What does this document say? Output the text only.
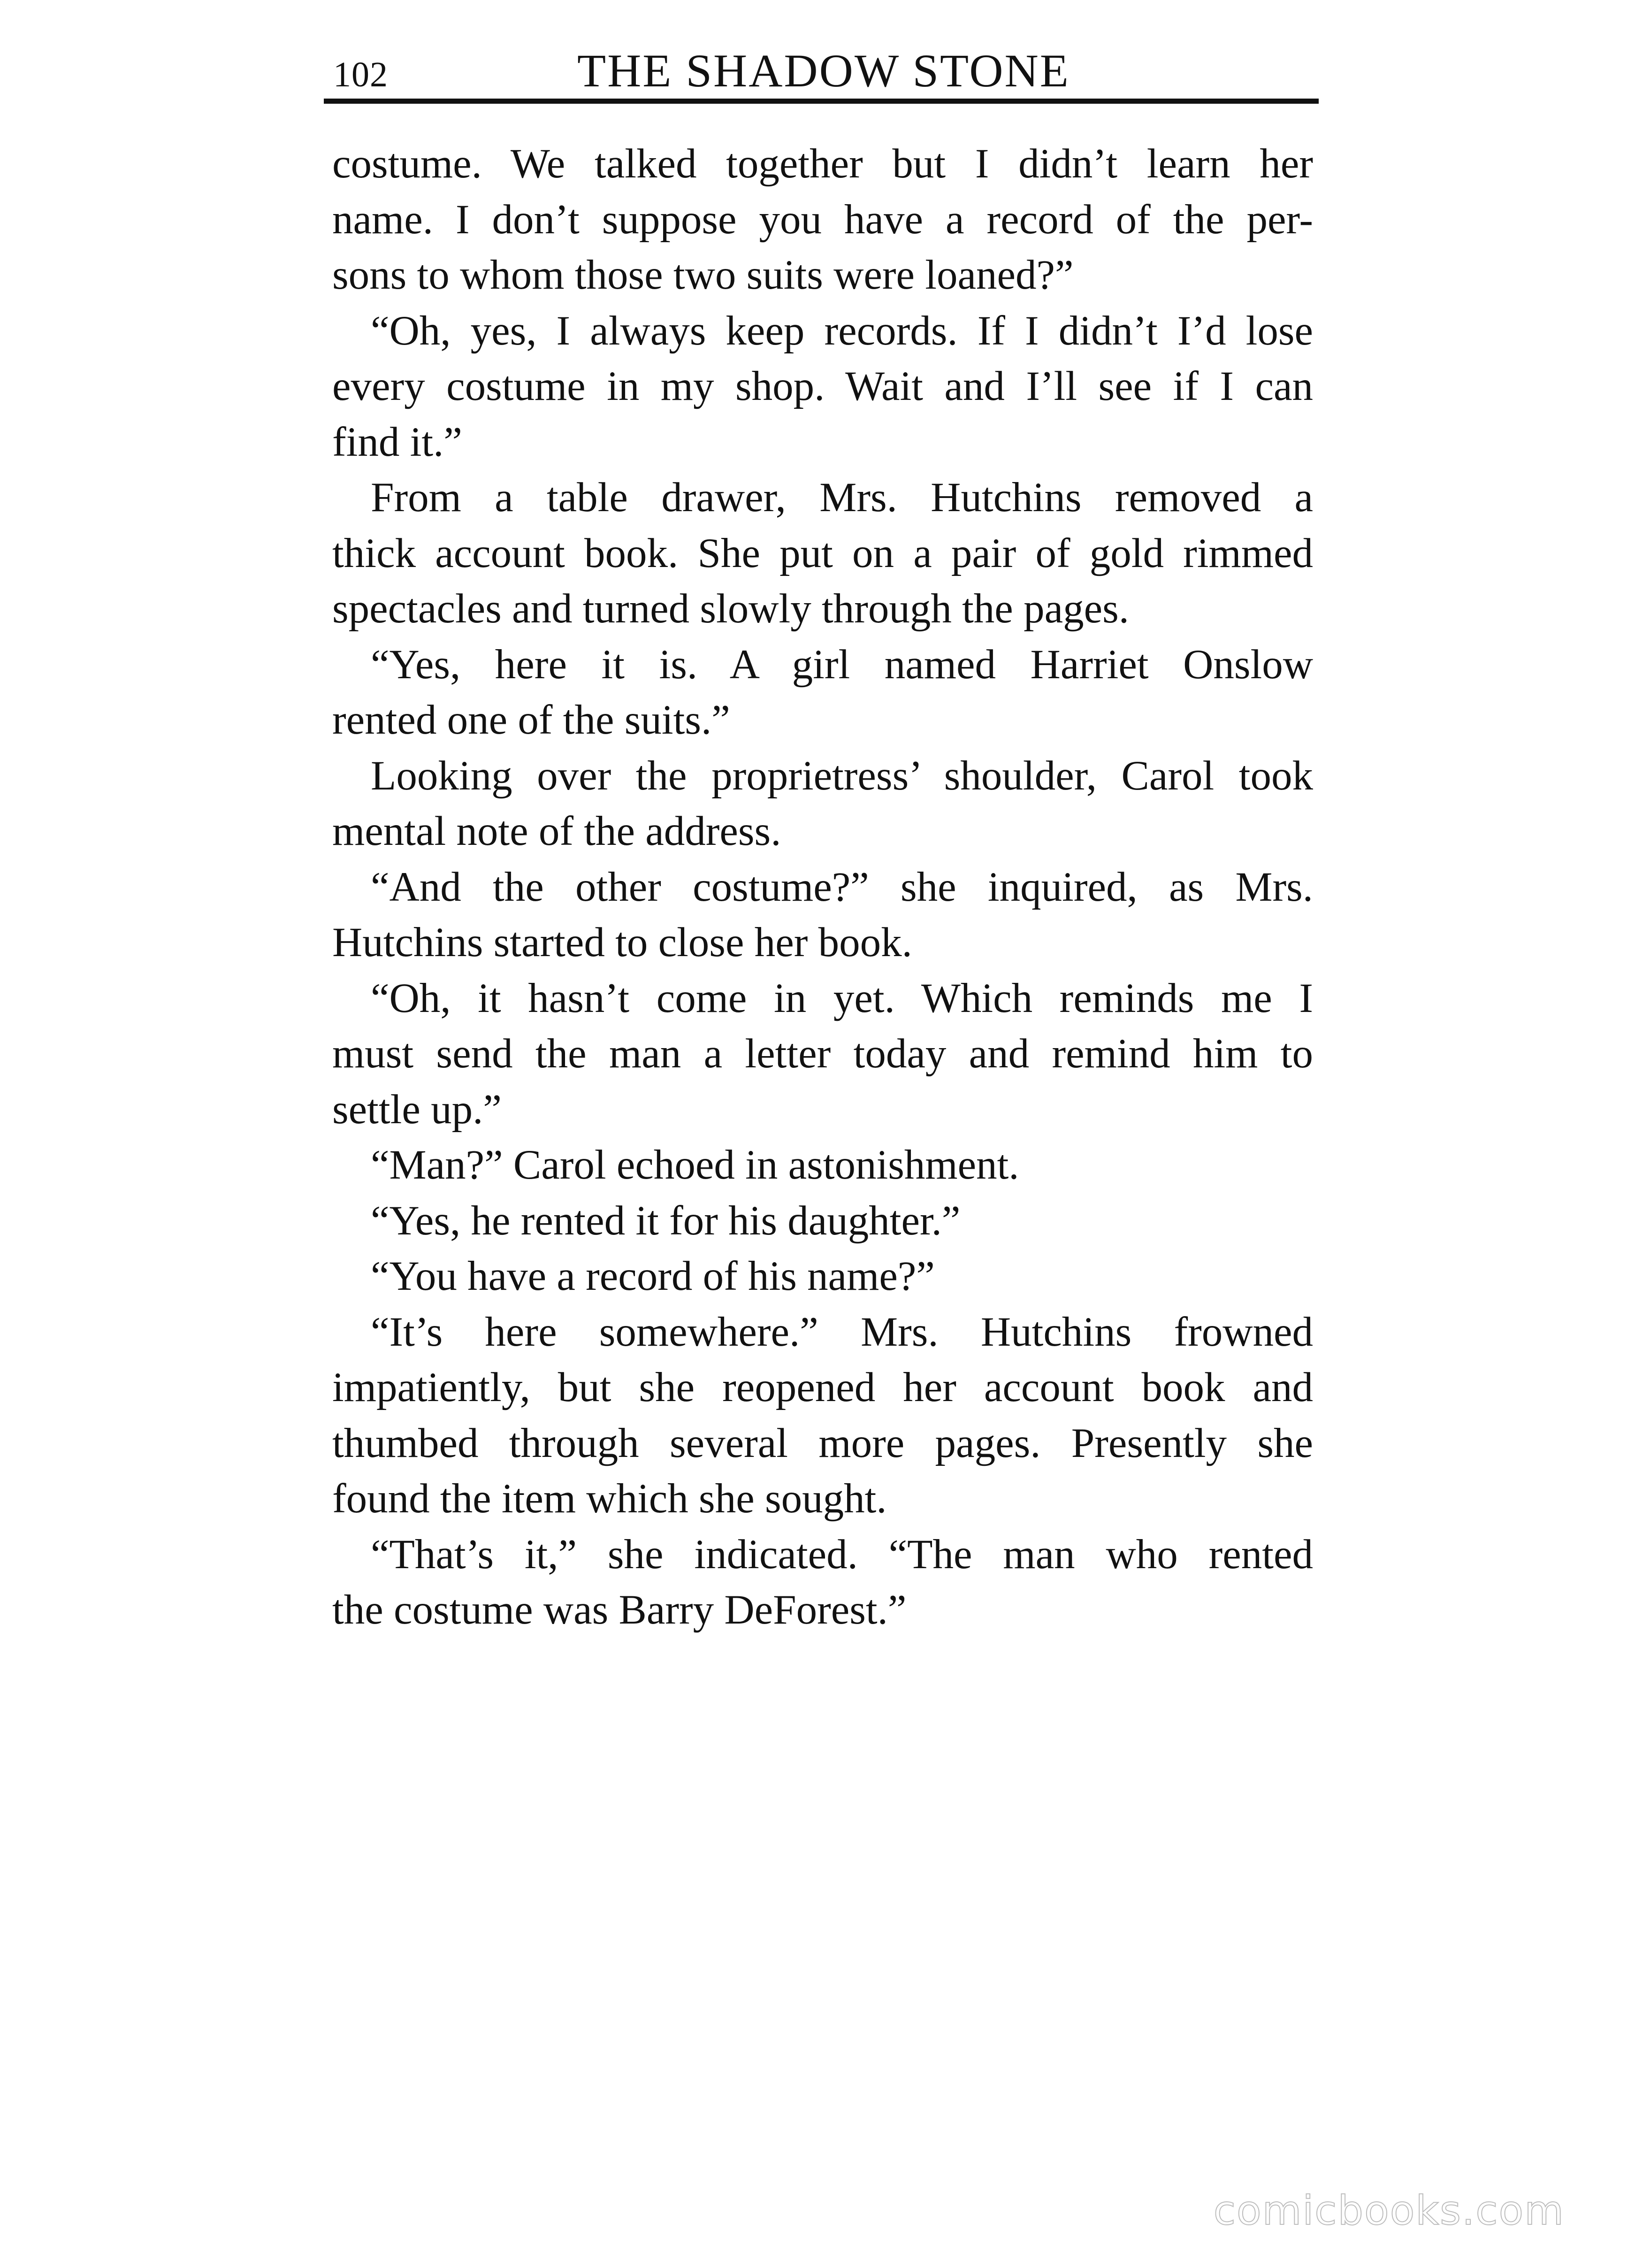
102	THE SHADOW STONE
costume. We talked together but I didn’t learn her
name. I don’t suppose you have a record of the per-
sons to whom those two suits were loaned?”
“Oh, yes, I always keep records. If I didn’t I’d lose
every costume in my shop. Wait and I’ll see if I can
find it.”
From a table drawer, Mrs. Hutchins removed a
thick account book. She put on a pair of gold rimmed
spectacles and turned slowly through the pages.
“Yes, here it is. A girl named Harriet Onslow
rented one of the suits.”
Looking over the proprietress’ shoulder, Carol took
mental note of the address.
“And the other costume?” she inquired, as Mrs.
Hutchins started to close her book.
“Oh, it hasn’t come in yet. Which reminds me I
must send the man a letter today and remind him to
settle up.”
“Man?” Carol echoed in astonishment.
“Yes, he rented it for his daughter.”
“You have a record of his name?”
“It’s here somewhere.” Mrs. Hutchins frowned
impatiently, but she reopened her account book and
thumbed through several more pages. Presently she
found the item which she sought.
“That’s it,” she indicated. “The man who rented
the costume was Barry DeForest.”
comicbooks.com
